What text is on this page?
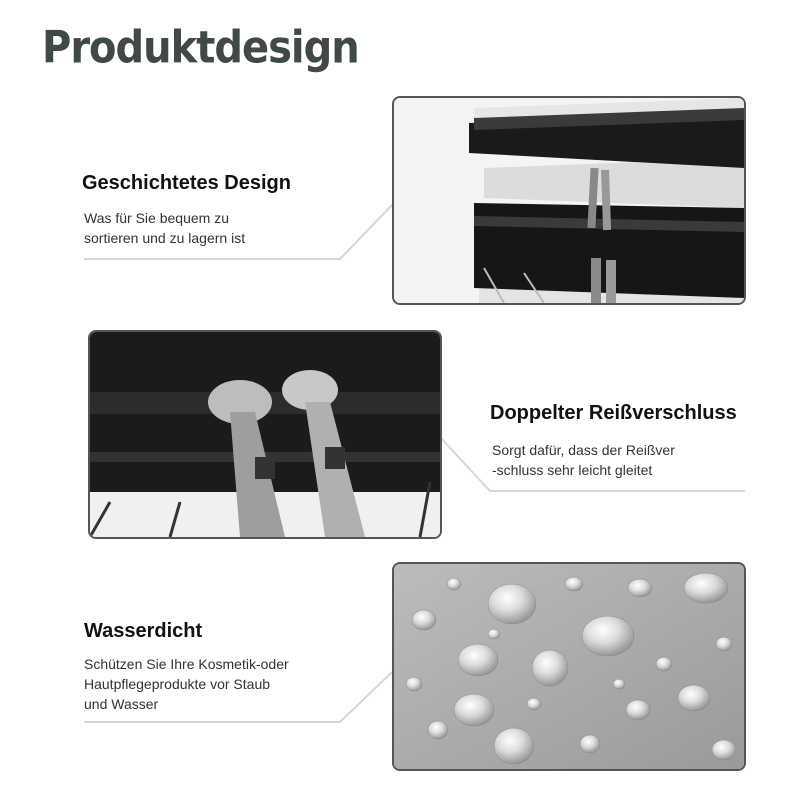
Produktdesign
Geschichtetes Design
Was für Sie bequem zu
sortieren und zu lagern ist
Doppelter Reißverschluss
Sorgt dafür, dass der Reißver
-schluss sehr leicht gleitet
Wasserdicht
Schützen Sie Ihre Kosmetik-oder
Hautpflegeprodukte vor Staub
und Wasser
